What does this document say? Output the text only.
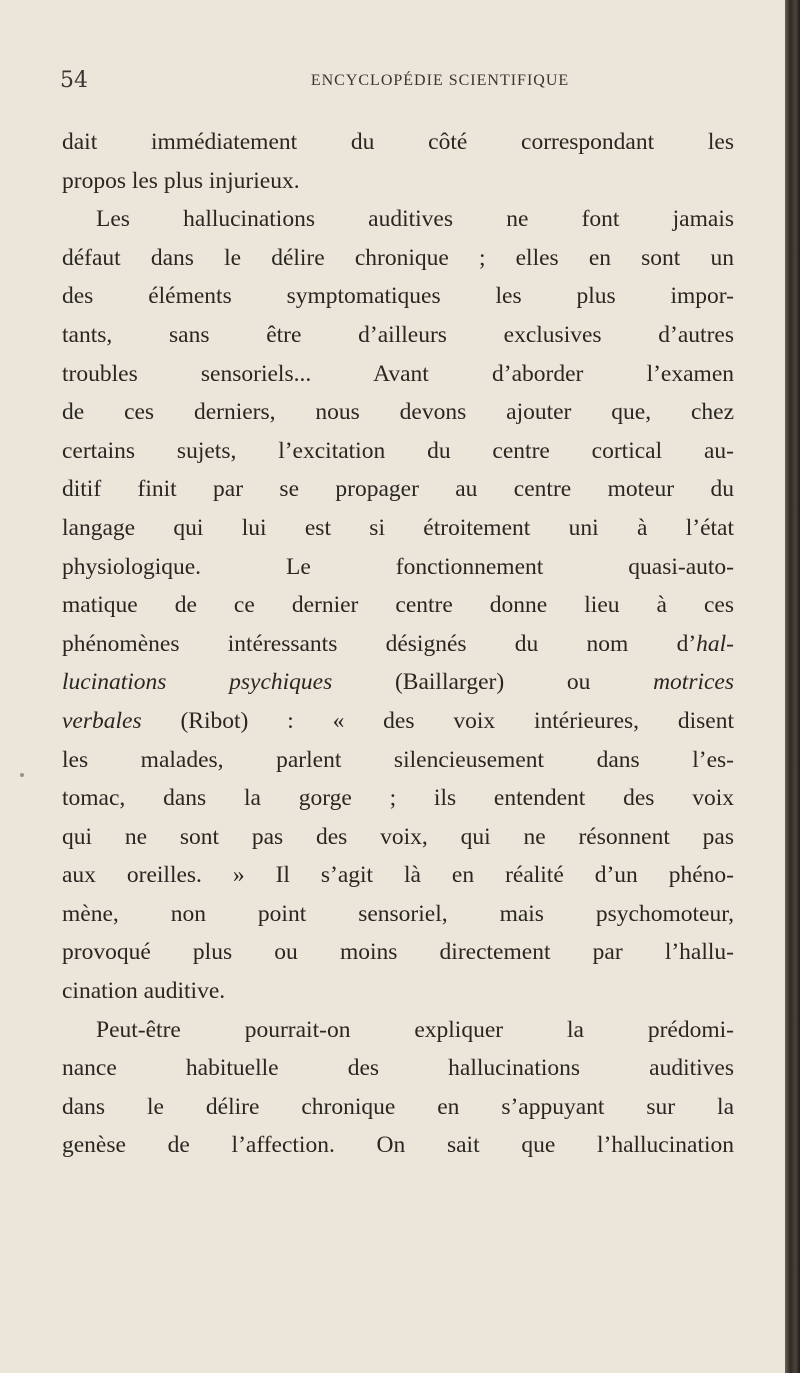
54	ENCYCLOPÉDIE SCIENTIFIQUE
dait immédiatement du côté correspondant les
propos les plus injurieux.
Les hallucinations auditives ne font jamais
défaut dans le délire chronique ; elles en sont un
des éléments symptomatiques les plus impor-
tants, sans être d’ailleurs exclusives d’autres
troubles sensoriels... Avant d’aborder l’examen
de ces derniers, nous devons ajouter que, chez
certains sujets, l’excitation du centre cortical au-
ditif finit par se propager au centre moteur du
langage qui lui est si étroitement uni à l’état
physiologique. Le fonctionnement quasi-auto-
matique de ce dernier centre donne lieu à ces
phénomènes intéressants désignés du nom d’hal-
lucinations psychiques (Baillarger) ou motrices
verbales (Ribot) : « des voix intérieures, disent
les malades, parlent silencieusement dans l’es-
tomac, dans la gorge ; ils entendent des voix
qui ne sont pas des voix, qui ne résonnent pas
aux oreilles. » Il s’agit là en réalité d’un phéno-
mène, non point sensoriel, mais psychomoteur,
provoqué plus ou moins directement par l’hallu-
cination auditive.
Peut-être pourrait-on expliquer la prédomi-
nance habituelle des hallucinations auditives
dans le délire chronique en s’appuyant sur la
genèse de l’affection. On sait que l’hallucination
